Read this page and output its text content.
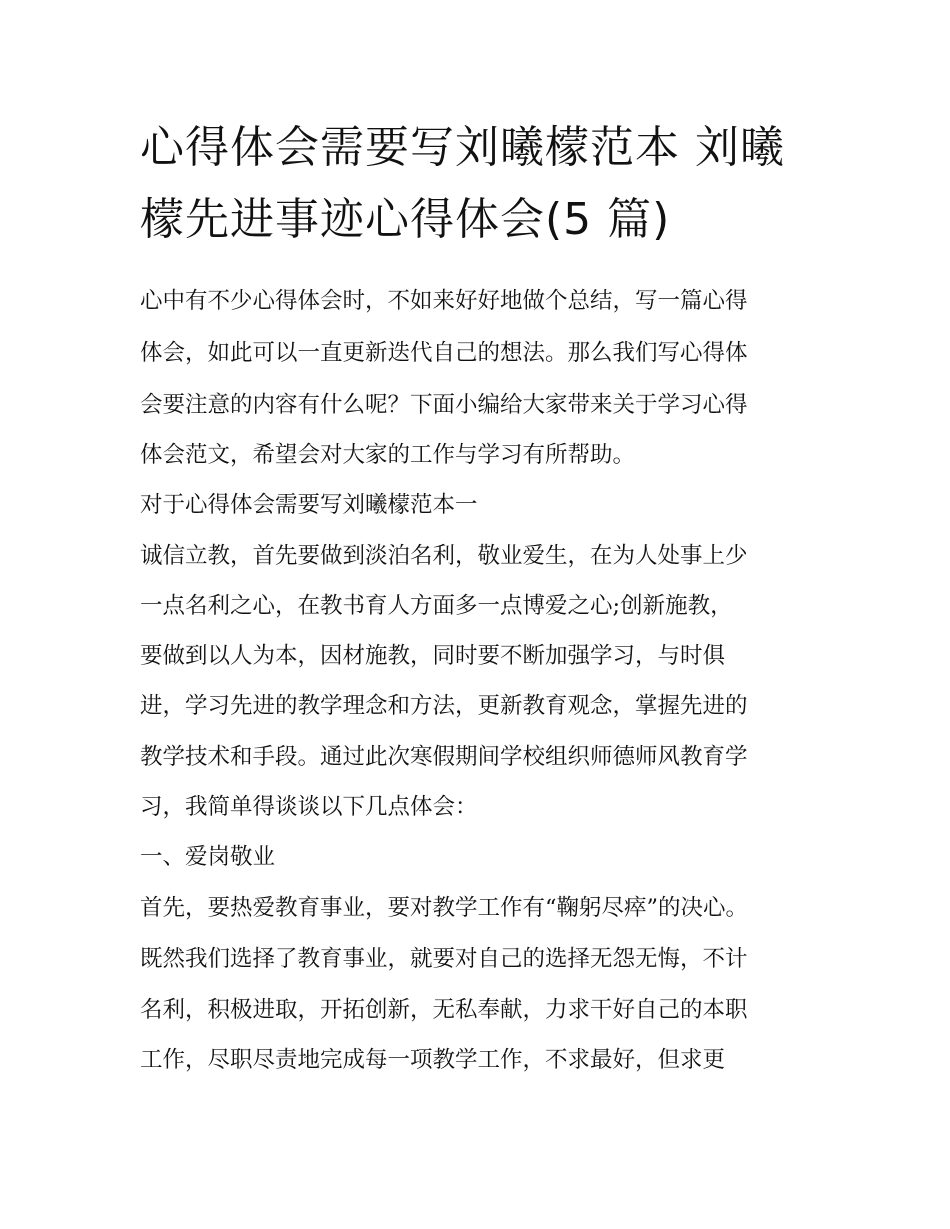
心得体会需要写刘曦檬范本 刘曦檬先进事迹心得体会(5 篇)

心中有不少心得体会时，不如来好好地做个总结，写一篇心得

体会，如此可以一直更新迭代自己的想法。那么我们写心得体

会要注意的内容有什么呢？下面小编给大家带来关于学习心得

体会范文，希望会对大家的工作与学习有所帮助。

对于心得体会需要写刘曦檬范本一

诚信立教，首先要做到淡泊名利，敬业爱生，在为人处事上少

一点名利之心，在教书育人方面多一点博爱之心;创新施教，

要做到以人为本，因材施教，同时要不断加强学习，与时俱

进，学习先进的教学理念和方法，更新教育观念，掌握先进的

教学技术和手段。通过此次寒假期间学校组织师德师风教育学

习，我简单得谈谈以下几点体会：

一、爱岗敬业

首先，要热爱教育事业，要对教学工作有“鞠躬尽瘁”的决心。

既然我们选择了教育事业，就要对自己的选择无怨无悔，不计

名利，积极进取，开拓创新，无私奉献，力求干好自己的本职

工作，尽职尽责地完成每一项教学工作，不求最好，但求更
